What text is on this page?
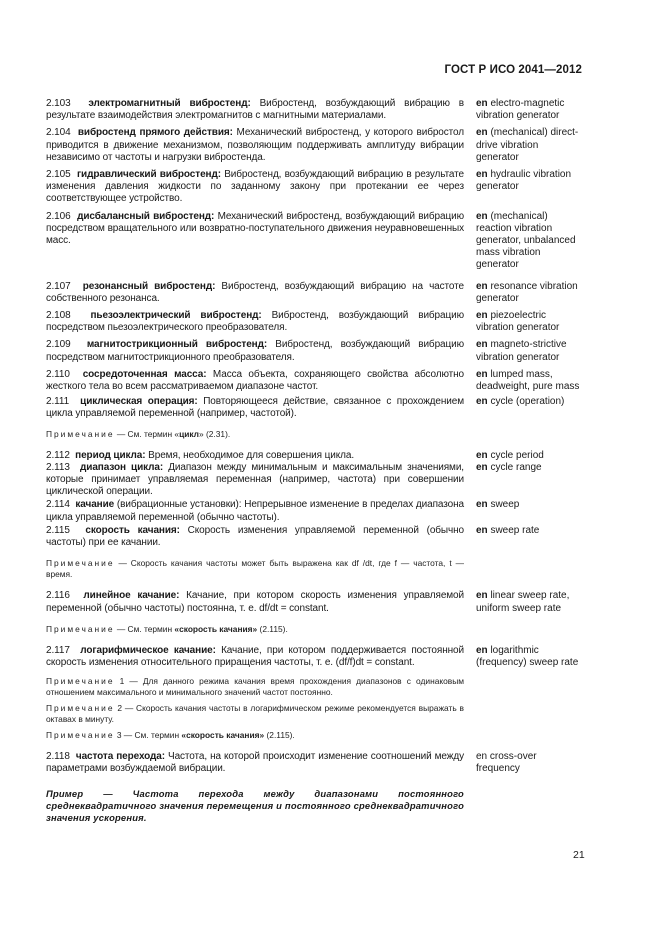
ГОСТ Р ИСО 2041—2012
2.103 электромагнитный вибростенд: Вибростенд, возбуждающий вибрацию в результате взаимодействия электромагнитов с магнитными материалами.
en electro-magnetic vibration generator
2.104 вибростенд прямого действия: Механический вибростенд, у которого вибростол приводится в движение механизмом, позволяющим поддерживать амплитуду вибрации независимо от частоты и нагрузки вибростенда.
en (mechanical) direct-drive vibration generator
2.105 гидравлический вибростенд: Вибростенд, возбуждающий вибрацию в результате изменения давления жидкости по заданному закону при протекании ее через соответствующее устройство.
en hydraulic vibration generator
2.106 дисбалансный вибростенд: Механический вибростенд, возбуждающий вибрацию посредством вращательного или возвратно-поступательного движения неуравновешенных масс.
en (mechanical) reaction vibration generator, unbalanced mass vibration generator
2.107 резонансный вибростенд: Вибростенд, возбуждающий вибрацию на частоте собственного резонанса.
en resonance vibration generator
2.108 пьезоэлектрический вибростенд: Вибростенд, возбуждающий вибрацию посредством пьезоэлектрического преобразователя.
en piezoelectric vibration generator
2.109 магнитострикционный вибростенд: Вибростенд, возбуждающий вибрацию посредством магнитострикционного преобразователя.
en magneto-strictive vibration generator
2.110 сосредоточенная масса: Масса объекта, сохраняющего свойства абсолютно жесткого тела во всем рассматриваемом диапазоне частот.
en lumped mass, deadweight, pure mass
2.111 циклическая операция: Повторяющееся действие, связанное с прохождением цикла управляемой переменной (например, частотой).
en cycle (operation)
Примечание — См. термин «цикл» (2.31).
2.112 период цикла: Время, необходимое для совершения цикла.	en cycle period
2.113 диапазон цикла: Диапазон между минимальным и максимальным значениями, которые принимает управляемая переменная (например, частота) при совершении циклической операции.
en cycle range
2.114 качание (вибрационные установки): Непрерывное изменение в пределах диапазона цикла управляемой переменной (обычно частоты).
en sweep
2.115 скорость качания: Скорость изменения управляемой переменной (обычно частоты) при ее качании.
en sweep rate
Примечание — Скорость качания частоты может быть выражена как df /dt, где f — частота, t — время.
2.116 линейное качание: Качание, при котором скорость изменения управляемой переменной (обычно частоты) постоянна, т. е. df/dt = constant.
en linear sweep rate, uniform sweep rate
Примечание — См. термин «скорость качания» (2.115).
2.117 логарифмическое качание: Качание, при котором поддерживается постоянной скорость изменения относительного приращения частоты, т. е. (df/f)dt = constant.
en logarithmic (frequency) sweep rate
Примечание 1 — Для данного режима качания время прохождения диапазонов с одинаковым отношением максимального и минимального значений частот постоянно.
Примечание 2 — Скорость качания частоты в логарифмическом режиме рекомендуется выражать в октавах в минуту.
Примечание 3 — См. термин «скорость качания» (2.115).
2.118 частота перехода: Частота, на которой происходит изменение соотношений между параметрами возбуждаемой вибрации.
en cross-over frequency
Пример — Частота перехода между диапазонами постоянного среднеквадратичного значения перемещения и постоянного среднеквадратичного значения ускорения.
21
